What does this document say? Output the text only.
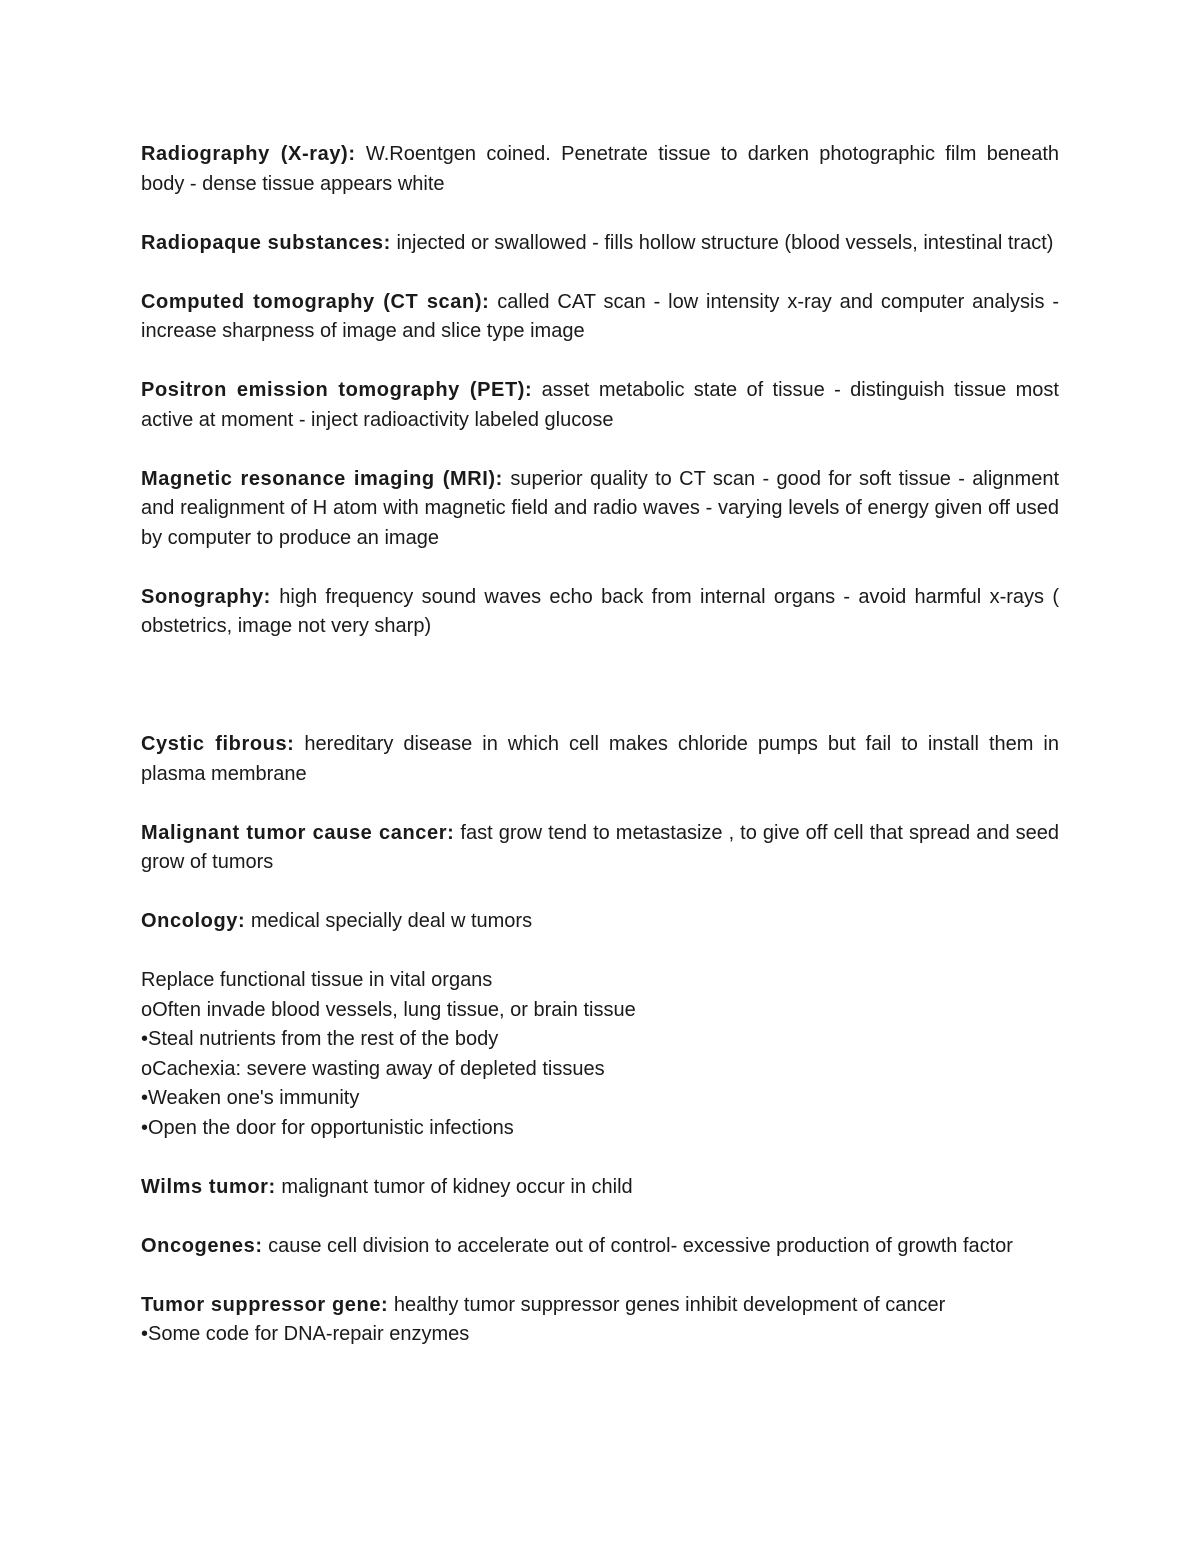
Radiography (X-ray): W.Roentgen coined. Penetrate tissue to darken photographic film beneath body - dense tissue appears white

Radiopaque substances: injected or swallowed - fills hollow structure (blood vessels, intestinal tract)

Computed tomography (CT scan): called CAT scan - low intensity x-ray and computer analysis - increase sharpness of image and slice type image

Positron emission tomography (PET): asset metabolic state of tissue - distinguish tissue most active at moment - inject radioactivity labeled glucose

Magnetic resonance imaging (MRI): superior quality to CT scan - good for soft tissue - alignment and realignment of H atom with magnetic field and radio waves - varying levels of energy given off used by computer to produce an image

Sonography: high frequency sound waves echo back from internal organs - avoid harmful x-rays ( obstetrics, image not very sharp)

Cystic fibrous: hereditary disease in which cell makes chloride pumps but fail to install them in plasma membrane

Malignant tumor cause cancer: fast grow tend to metastasize , to give off cell that spread and seed grow of tumors

Oncology: medical specially deal w tumors

Replace functional tissue in vital organs
oOften invade blood vessels, lung tissue, or brain tissue
•Steal nutrients from the rest of the body
oCachexia: severe wasting away of depleted tissues
•Weaken one's immunity
•Open the door for opportunistic infections

Wilms tumor: malignant tumor of kidney occur in child

Oncogenes: cause cell division to accelerate out of control- excessive production of growth factor

Tumor suppressor gene: healthy tumor suppressor genes inhibit development of cancer
•Some code for DNA-repair enzymes
